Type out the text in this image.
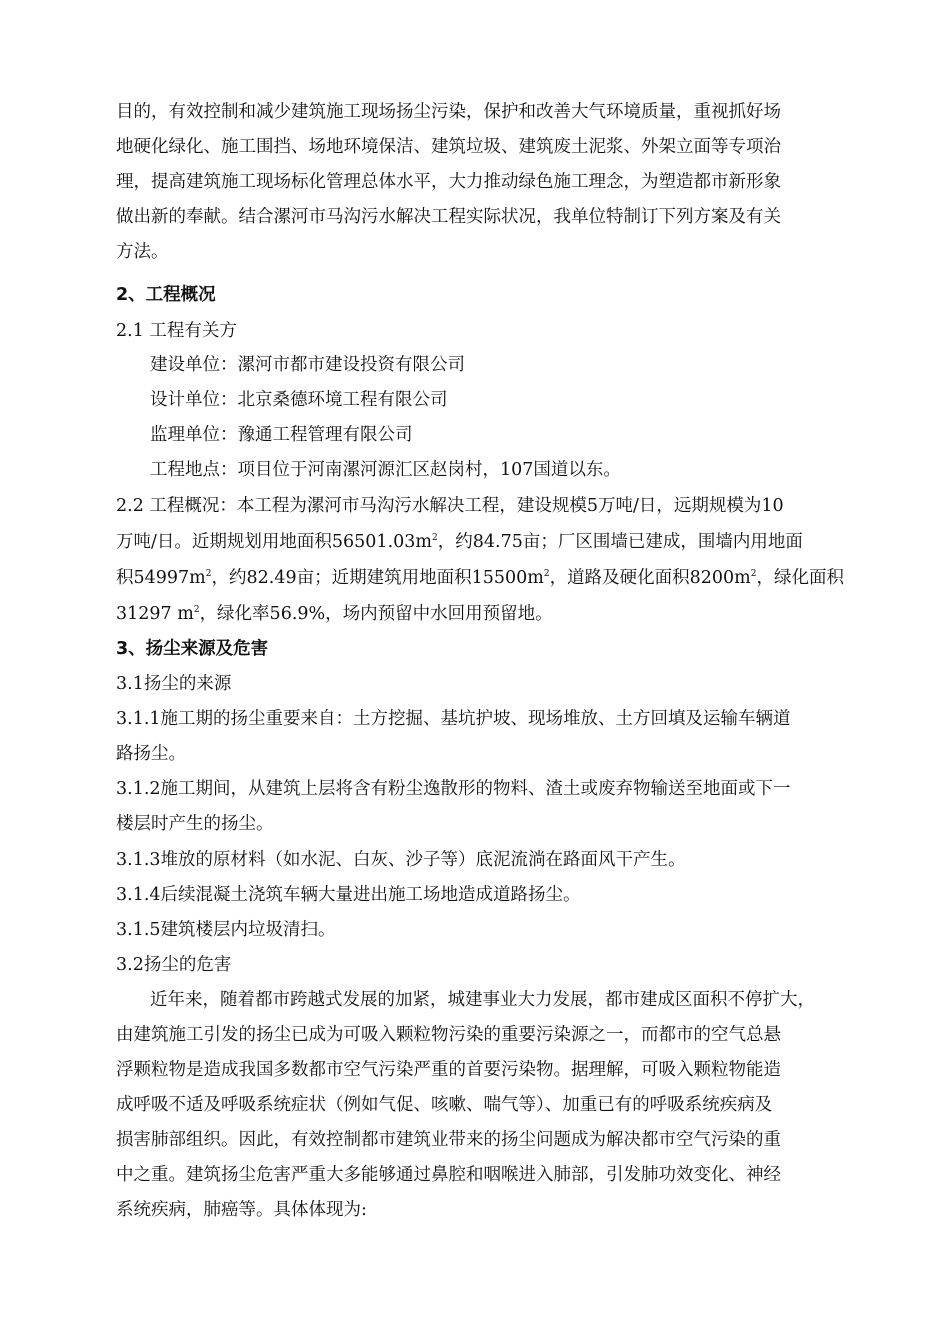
目的，有效控制和减少建筑施工现场扬尘污染，保护和改善大气环境质量，重视抓好场
地硬化绿化、施工围挡、场地环境保洁、建筑垃圾、建筑废土泥浆、外架立面等专项治
理，提高建筑施工现场标化管理总体水平，大力推动绿色施工理念，为塑造都市新形象
做出新的奉献。结合漯河市马沟污水解决工程实际状况，我单位特制订下列方案及有关
方法。
2、工程概况
2.1 工程有关方
建设单位：漯河市都市建设投资有限公司
设计单位：北京桑德环境工程有限公司
监理单位：豫通工程管理有限公司
工程地点：项目位于河南漯河源汇区赵岗村，107国道以东。
2.2 工程概况：本工程为漯河市马沟污水解决工程，建设规模5万吨/日，远期规模为10
万吨/日。近期规划用地面积$56501.03m^2$，约84.75亩；厂区围墙已建成，围墙内用地面
积$54997m^2$，约82.49亩；近期建筑用地面积$15500m^2$，道路及硬化面积$8200m^2$，绿化面积
31297 $m^2$，绿化率56.9%，场内预留中水回用预留地。
3、扬尘来源及危害
3.1扬尘的来源
3.1.1施工期的扬尘重要来自：土方挖掘、基坑护坡、现场堆放、土方回填及运输车辆道
路扬尘。
3.1.2施工期间，从建筑上层将含有粉尘逸散形的物料、渣土或废弃物输送至地面或下一
楼层时产生的扬尘。
3.1.3堆放的原材料（如水泥、白灰、沙子等）底泥流淌在路面风干产生。
3.1.4后续混凝土浇筑车辆大量进出施工场地造成道路扬尘。
3.1.5建筑楼层内垃圾清扫。
3.2扬尘的危害
近年来，随着都市跨越式发展的加紧，城建事业大力发展，都市建成区面积不停扩大，
由建筑施工引发的扬尘已成为可吸入颗粒物污染的重要污染源之一，而都市的空气总悬
浮颗粒物是造成我国多数都市空气污染严重的首要污染物。据理解，可吸入颗粒物能造
成呼吸不适及呼吸系统症状（例如气促、咳嗽、喘气等）、加重已有的呼吸系统疾病及
损害肺部组织。因此，有效控制都市建筑业带来的扬尘问题成为解决都市空气污染的重
中之重。建筑扬尘危害严重大多能够通过鼻腔和咽喉进入肺部，引发肺功效变化、神经
系统疾病，肺癌等。具体体现为:
